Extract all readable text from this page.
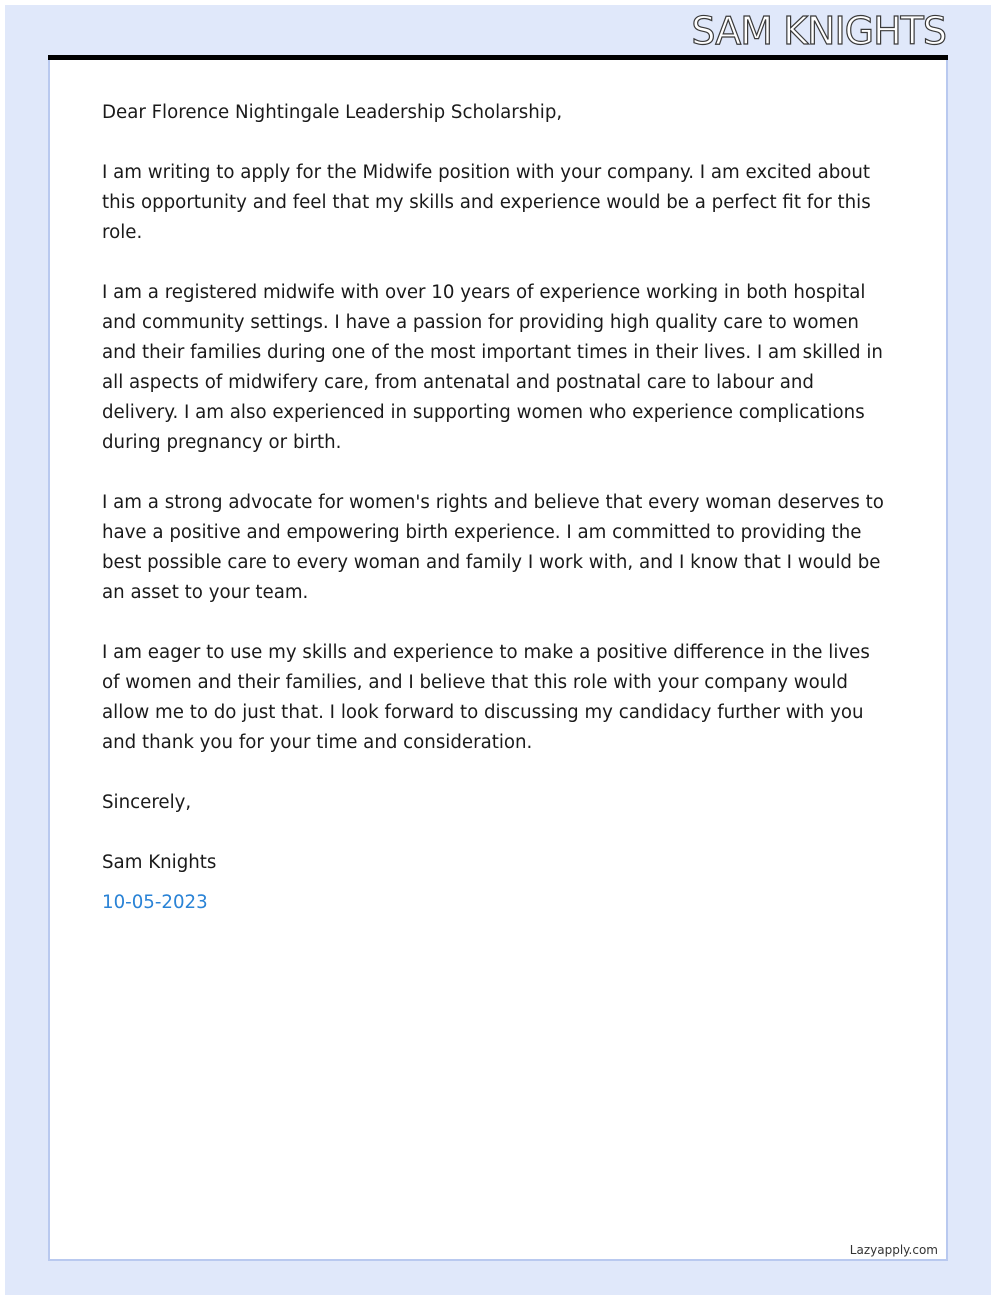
SAM KNIGHTS

Dear Florence Nightingale Leadership Scholarship,

I am writing to apply for the Midwife position with your company. I am excited about this opportunity and feel that my skills and experience would be a perfect fit for this role.

I am a registered midwife with over 10 years of experience working in both hospital and community settings. I have a passion for providing high quality care to women and their families during one of the most important times in their lives. I am skilled in all aspects of midwifery care, from antenatal and postnatal care to labour and delivery. I am also experienced in supporting women who experience complications during pregnancy or birth.

I am a strong advocate for women's rights and believe that every woman deserves to have a positive and empowering birth experience. I am committed to providing the best possible care to every woman and family I work with, and I know that I would be an asset to your team.

I am eager to use my skills and experience to make a positive difference in the lives of women and their families, and I believe that this role with your company would allow me to do just that. I look forward to discussing my candidacy further with you and thank you for your time and consideration.

Sincerely,

Sam Knights

10-05-2023

Lazyapply.com
